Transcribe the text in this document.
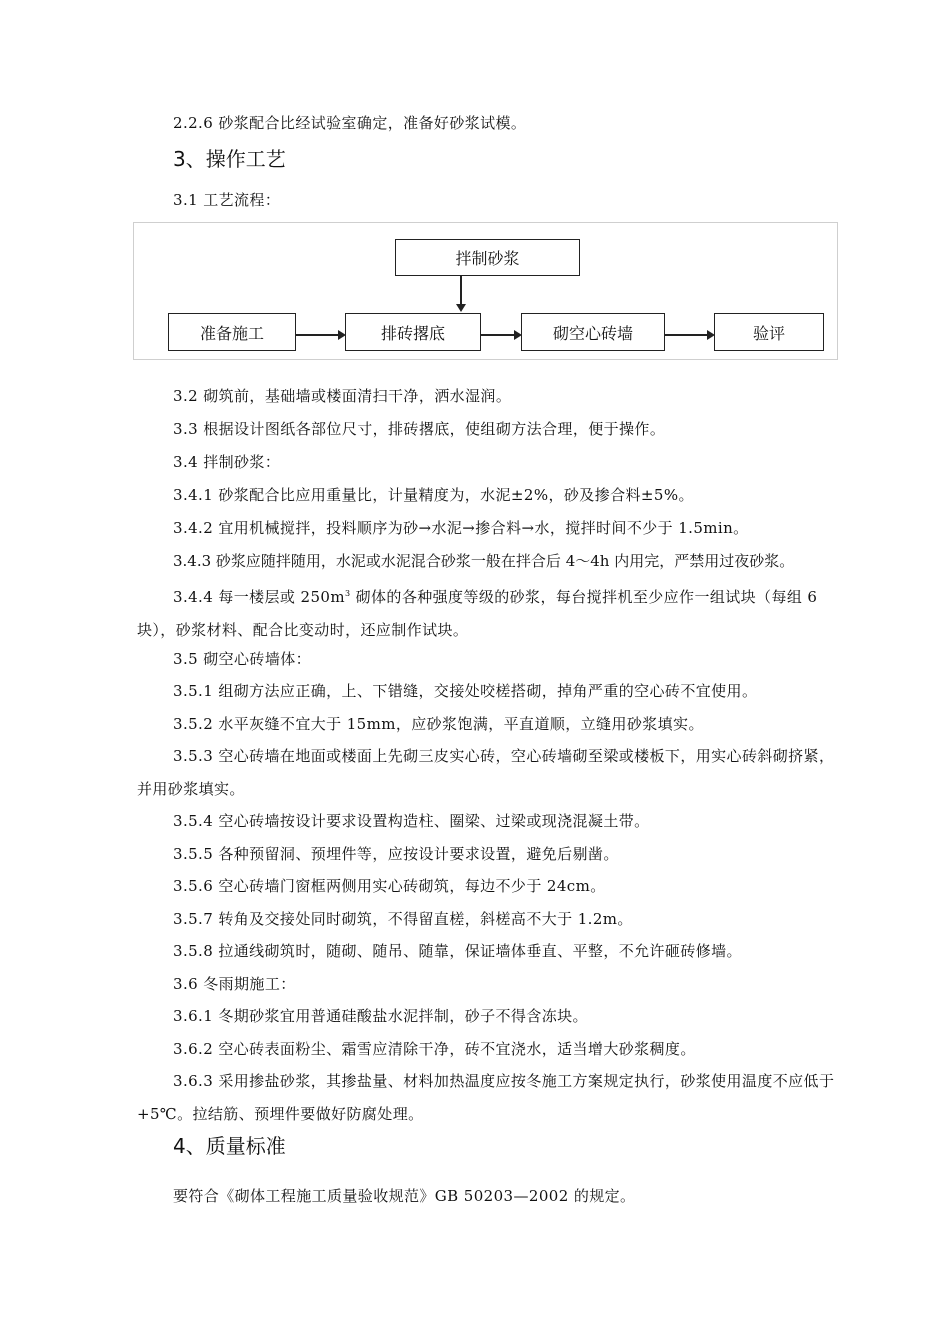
2.2.6 砂浆配合比经试验室确定，准备好砂浆试模。

3、操作工艺

3.1 工艺流程：

拌制砂浆
准备施工	排砖撂底	砌空心砖墙	验评

3.2 砌筑前，基础墙或楼面清扫干净，洒水湿润。

3.3 根据设计图纸各部位尺寸，排砖撂底，使组砌方法合理，便于操作。

3.4 拌制砂浆：

3.4.1 砂浆配合比应用重量比，计量精度为，水泥±2%，砂及掺合料±5%。

3.4.2 宜用机械搅拌，投料顺序为砂→水泥→掺合料→水，搅拌时间不少于 1.5min。

3.4.3 砂浆应随拌随用，水泥或水泥混合砂浆一般在拌合后 4～4h 内用完，严禁用过夜砂浆。

3.4.4 每一楼层或 $250m^3$ 砌体的各种强度等级的砂浆，每台搅拌机至少应作一组试块（每组 6 块），砂浆材料、配合比变动时，还应制作试块。

3.5 砌空心砖墙体：

3.5.1 组砌方法应正确，上、下错缝，交接处咬槎搭砌，掉角严重的空心砖不宜使用。

3.5.2 水平灰缝不宜大于 15mm，应砂浆饱满，平直道顺，立缝用砂浆填实。

3.5.3 空心砖墙在地面或楼面上先砌三皮实心砖，空心砖墙砌至梁或楼板下，用实心砖斜砌挤紧，并用砂浆填实。

3.5.4 空心砖墙按设计要求设置构造柱、圈梁、过梁或现浇混凝土带。

3.5.5 各种预留洞、预埋件等，应按设计要求设置，避免后剔凿。

3.5.6 空心砖墙门窗框两侧用实心砖砌筑，每边不少于 24cm。

3.5.7 转角及交接处同时砌筑，不得留直槎，斜槎高不大于 1.2m。

3.5.8 拉通线砌筑时，随砌、随吊、随靠，保证墙体垂直、平整，不允许砸砖修墙。

3.6 冬雨期施工：

3.6.1 冬期砂浆宜用普通硅酸盐水泥拌制，砂子不得含冻块。

3.6.2 空心砖表面粉尘、霜雪应清除干净，砖不宜浇水，适当增大砂浆稠度。

3.6.3 采用掺盐砂浆，其掺盐量、材料加热温度应按冬施工方案规定执行，砂浆使用温度不应低于+5℃。拉结筋、预埋件要做好防腐处理。

4、质量标准

要符合《砌体工程施工质量验收规范》GB 50203—2002 的规定。
